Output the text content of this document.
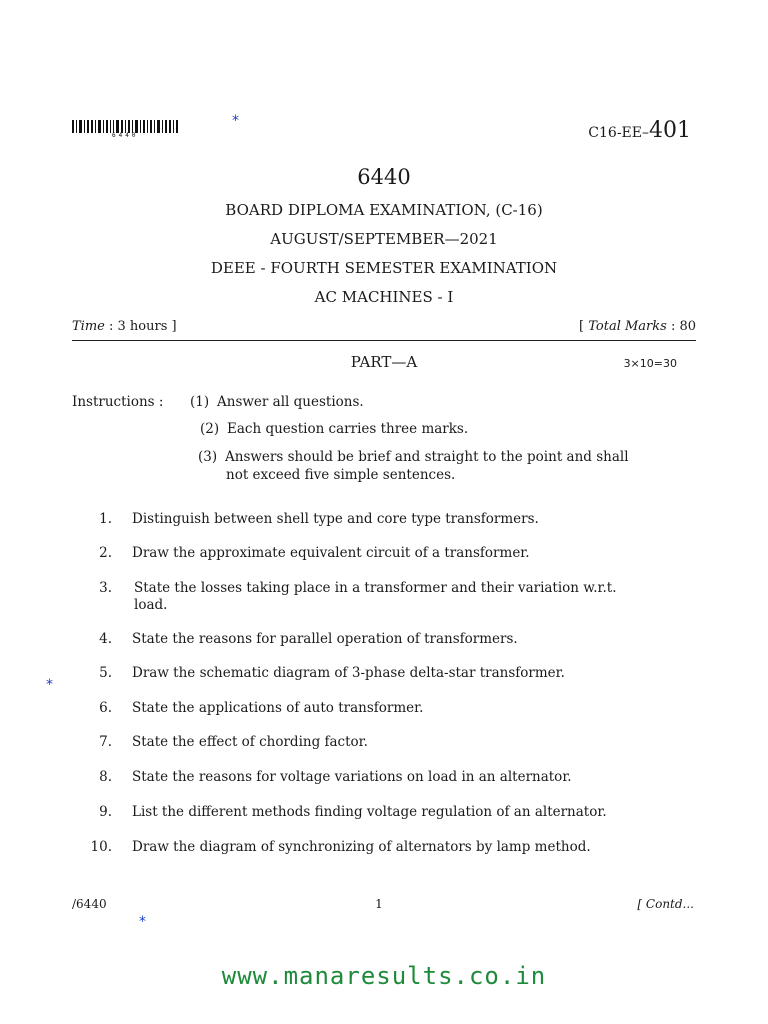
6440
*
C16-EE–401
6440
BOARD DIPLOMA EXAMINATION, (C-16)
AUGUST/SEPTEMBER—2021
DEEE - FOURTH SEMESTER EXAMINATION
AC MACHINES - I
Time : 3 hours ]	[ Total Marks : 80
PART—A	3×10=30
Instructions : (1) Answer all questions.
(2) Each question carries three marks.
(3) Answers should be brief and straight to the point and shall
not exceed five simple sentences.
1. Distinguish between shell type and core type transformers.
2. Draw the approximate equivalent circuit of a transformer.
3. State the losses taking place in a transformer and their variation w.r.t.
load.
4. State the reasons for parallel operation of transformers.
5. Draw the schematic diagram of 3-phase delta-star transformer.
*
6. State the applications of auto transformer.
7. State the effect of chording factor.
8. State the reasons for voltage variations on load in an alternator.
9. List the different methods finding voltage regulation of an alternator.
10. Draw the diagram of synchronizing of alternators by lamp method.
/6440	1	[ Contd...
*
www.manaresults.co.in
